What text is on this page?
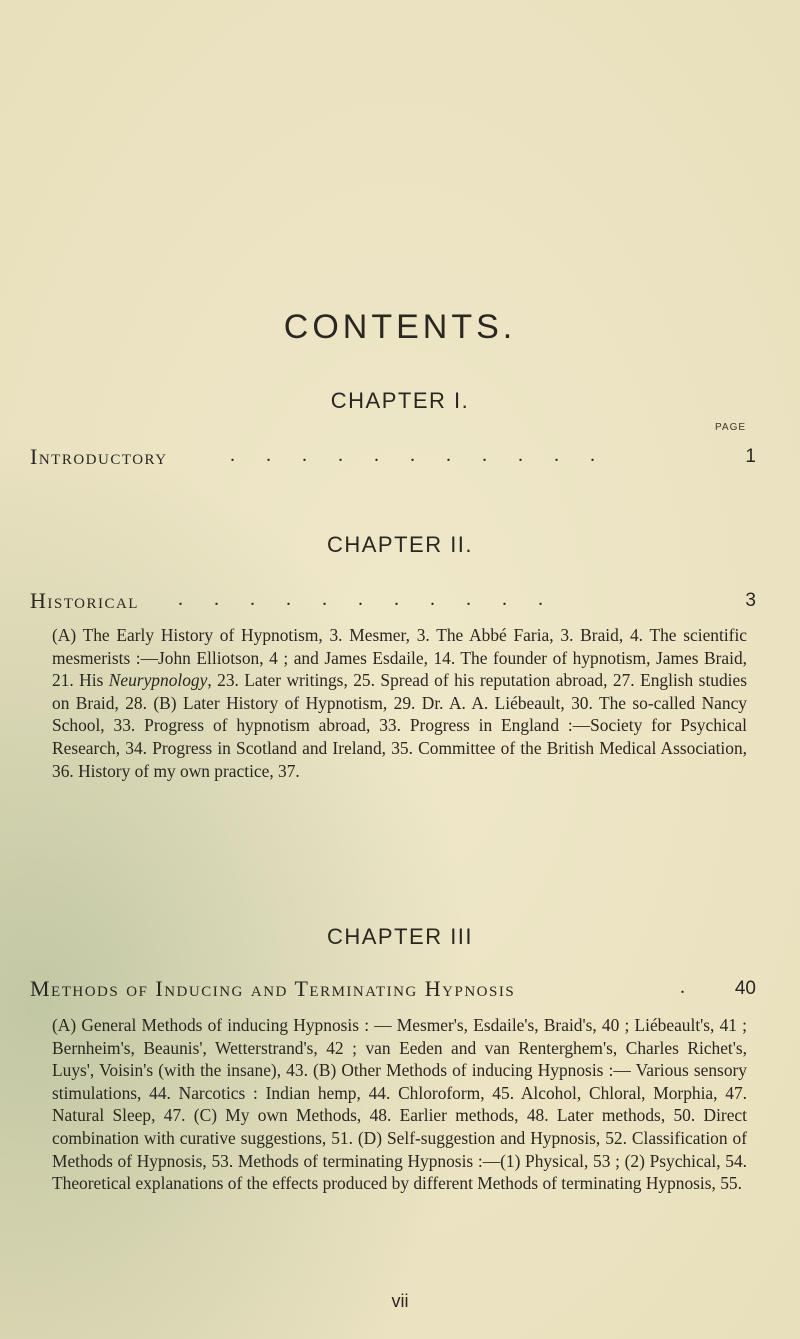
CONTENTS.
CHAPTER I.
PAGE
Introductory	. . . . . . . . . . .	1
CHAPTER II.
Historical . . . . . . . . . . .	3

(A) The Early History of Hypnotism, 3. Mesmer, 3. The Abbé Faria, 3. Braid, 4. The scientific mesmerists :—John Elliotson, 4 ; and James Esdaile, 14. The founder of hypnotism, James Braid, 21. His Neurypnology, 23. Later writings, 25. Spread of his reputation abroad, 27. English studies on Braid, 28. (B) Later History of Hypnotism, 29. Dr. A. A. Liébeault, 30. The so-called Nancy School, 33. Progress of hypnotism abroad, 33. Progress in England :—Society for Psychical Research, 34. Progress in Scotland and Ireland, 35. Committee of the British Medical Association, 36. History of my own practice, 37.

CHAPTER III
Methods of Inducing and Terminating Hypnosis	.	40

(A) General Methods of inducing Hypnosis : — Mesmer's, Esdaile's, Braid's, 40 ; Liébeault's, 41 ; Bernheim's, Beaunis', Wetterstrand's, 42 ; van Eeden and van Renterghem's, Charles Richet's, Luys', Voisin's (with the insane), 43. (B) Other Methods of inducing Hypnosis :— Various sensory stimulations, 44. Narcotics : Indian hemp, 44. Chloroform, 45. Alcohol, Chloral, Morphia, 47. Natural Sleep, 47. (C) My own Methods, 48. Earlier methods, 48. Later methods, 50. Direct combination with curative suggestions, 51. (D) Self-suggestion and Hypnosis, 52. Classification of Methods of Hypnosis, 53. Methods of terminating Hypnosis :—(1) Physical, 53 ; (2) Psychical, 54. Theoretical explanations of the effects produced by different Methods of terminating Hypnosis, 55.

vii
